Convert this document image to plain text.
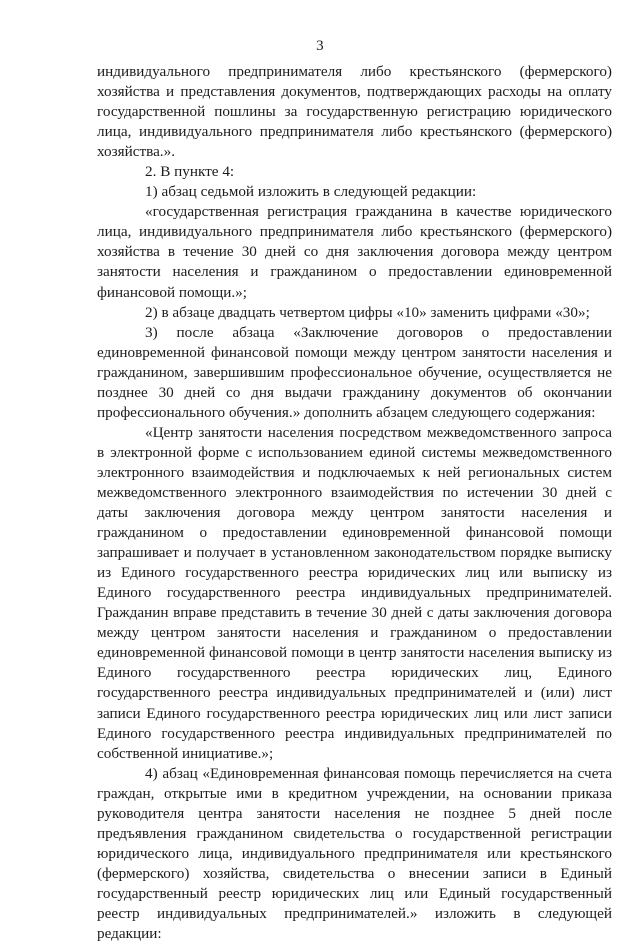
3

индивидуального предпринимателя либо крестьянского (фермерского) хозяйства и представления документов, подтверждающих расходы на оплату государственной пошлины за государственную регистрацию юридического лица, индивидуального предпринимателя либо крестьянского (фермерского) хозяйства.».

2. В пункте 4:

1) абзац седьмой изложить в следующей редакции:

«государственная регистрация гражданина в качестве юридического лица, индивидуального предпринимателя либо крестьянского (фермерского) хозяйства в течение 30 дней со дня заключения договора между центром занятости населения и гражданином о предоставлении единовременной финансовой помощи.»;

2) в абзаце двадцать четвертом цифры «10» заменить цифрами «30»;

3) после абзаца «Заключение договоров о предоставлении единовременной финансовой помощи между центром занятости населения и гражданином, завершившим профессиональное обучение, осуществляется не позднее 30 дней со дня выдачи гражданину документов об окончании профессионального обучения.» дополнить абзацем следующего содержания:

«Центр занятости населения посредством межведомственного запроса в электронной форме с использованием единой системы межведомственного электронного взаимодействия и подключаемых к ней региональных систем межведомственного электронного взаимодействия по истечении 30 дней с даты заключения договора между центром занятости населения и гражданином о предоставлении единовременной финансовой помощи запрашивает и получает в установленном законодательством порядке выписку из Единого государственного реестра юридических лиц или выписку из Единого государственного реестра индивидуальных предпринимателей. Гражданин вправе представить в течение 30 дней с даты заключения договора между центром занятости населения и гражданином о предоставлении единовременной финансовой помощи в центр занятости населения выписку из Единого государственного реестра юридических лиц, Единого государственного реестра индивидуальных предпринимателей и (или) лист записи Единого государственного реестра юридических лиц или лист записи Единого государственного реестра индивидуальных предпринимателей по собственной инициативе.»;

4) абзац «Единовременная финансовая помощь перечисляется на счета граждан, открытые ими в кредитном учреждении, на основании приказа руководителя центра занятости населения не позднее 5 дней после предъявления гражданином свидетельства о государственной регистрации юридического лица, индивидуального предпринимателя или крестьянского (фермерского) хозяйства, свидетельства о внесении записи в Единый государственный реестр юридических лиц или Единый государственный реестр индивидуальных предпринимателей.» изложить в следующей редакции:
